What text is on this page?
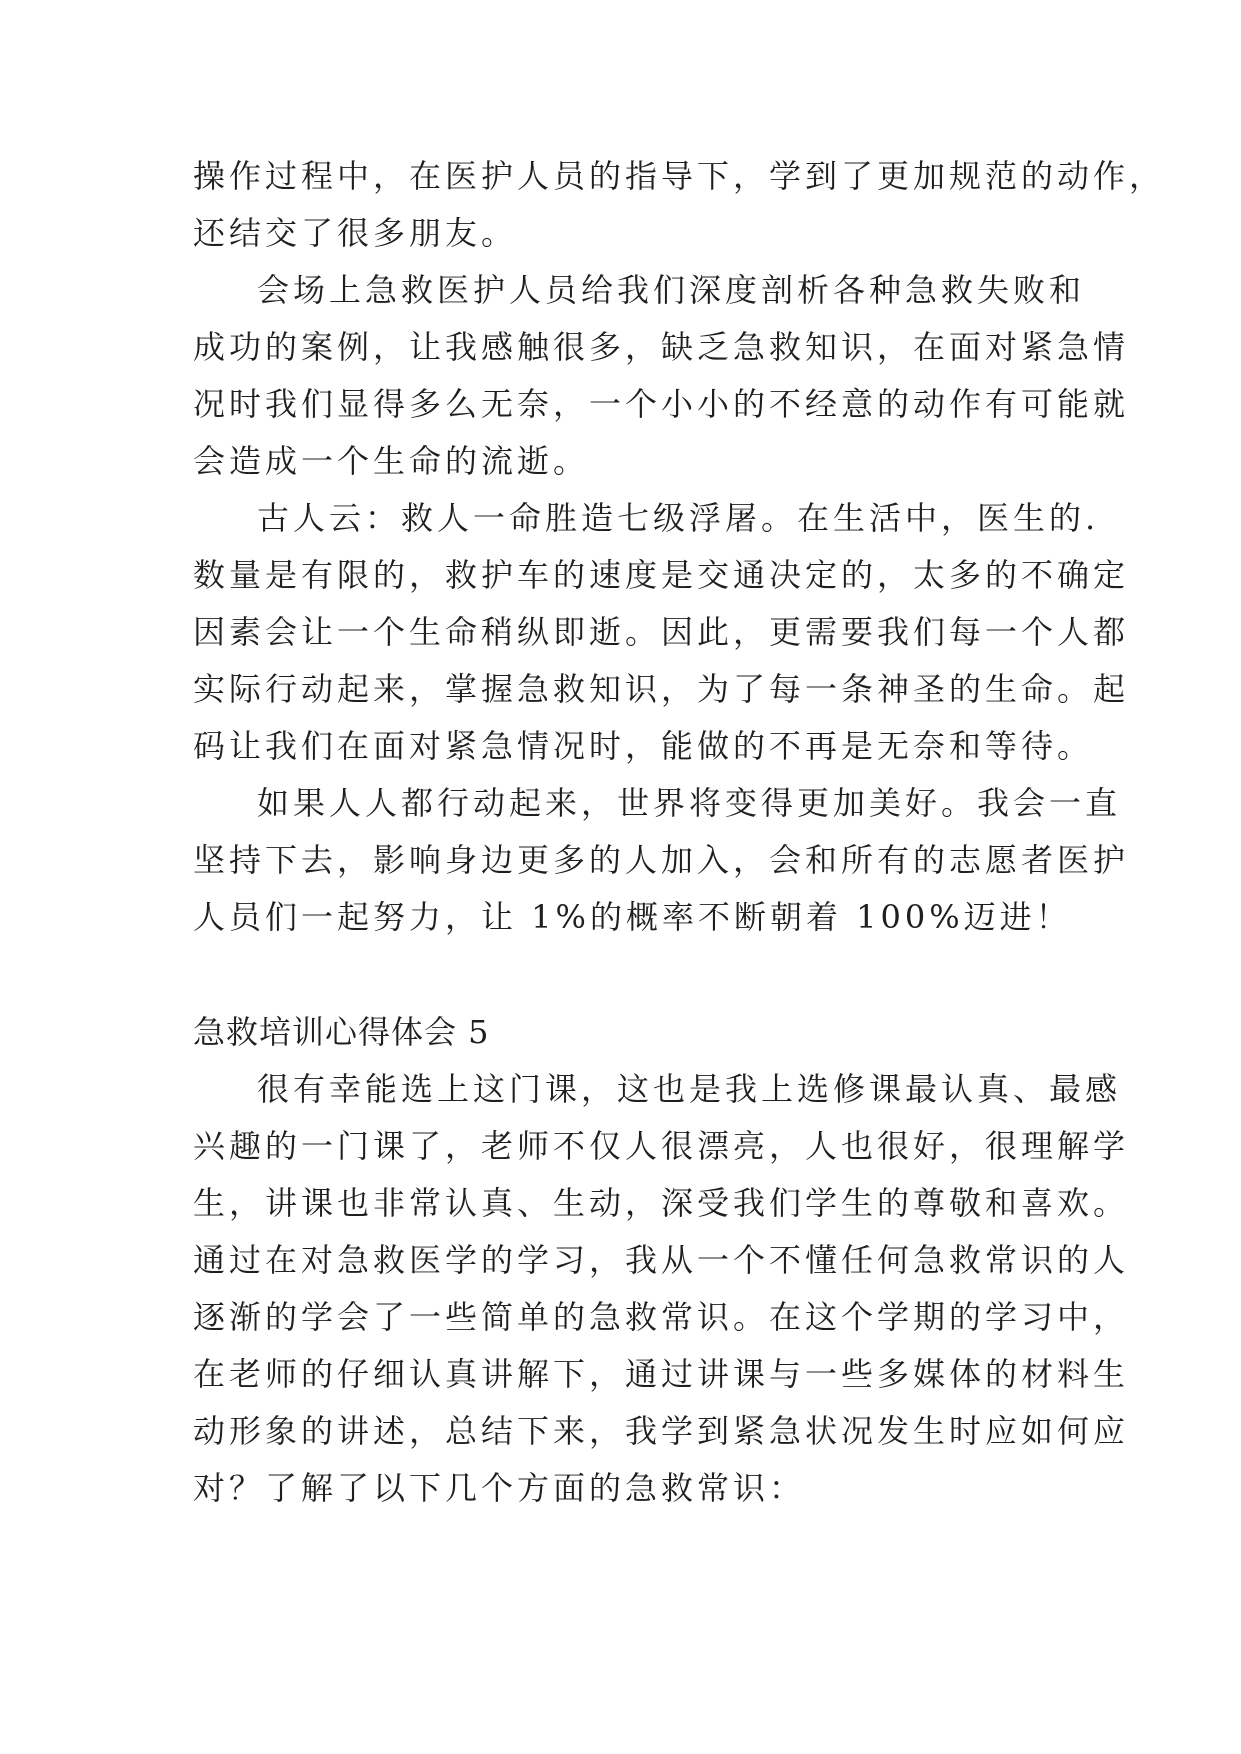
操作过程中，在医护人员的指导下，学到了更加规范的动作，
还结交了很多朋友。
会场上急救医护人员给我们深度剖析各种急救失败和
成功的案例，让我感触很多，缺乏急救知识，在面对紧急情
况时我们显得多么无奈，一个小小的不经意的动作有可能就
会造成一个生命的流逝。
古人云：救人一命胜造七级浮屠。在生活中，医生的.
数量是有限的，救护车的速度是交通决定的，太多的不确定
因素会让一个生命稍纵即逝。因此，更需要我们每一个人都
实际行动起来，掌握急救知识，为了每一条神圣的生命。起
码让我们在面对紧急情况时，能做的不再是无奈和等待。
如果人人都行动起来，世界将变得更加美好。我会一直
坚持下去，影响身边更多的人加入，会和所有的志愿者医护
人员们一起努力，让 1%的概率不断朝着 100%迈进！
急救培训心得体会 5
很有幸能选上这门课，这也是我上选修课最认真、最感
兴趣的一门课了，老师不仅人很漂亮，人也很好，很理解学
生，讲课也非常认真、生动，深受我们学生的尊敬和喜欢。
通过在对急救医学的学习，我从一个不懂任何急救常识的人
逐渐的学会了一些简单的急救常识。在这个学期的学习中，
在老师的仔细认真讲解下，通过讲课与一些多媒体的材料生
动形象的讲述，总结下来，我学到紧急状况发生时应如何应
对？了解了以下几个方面的急救常识：
